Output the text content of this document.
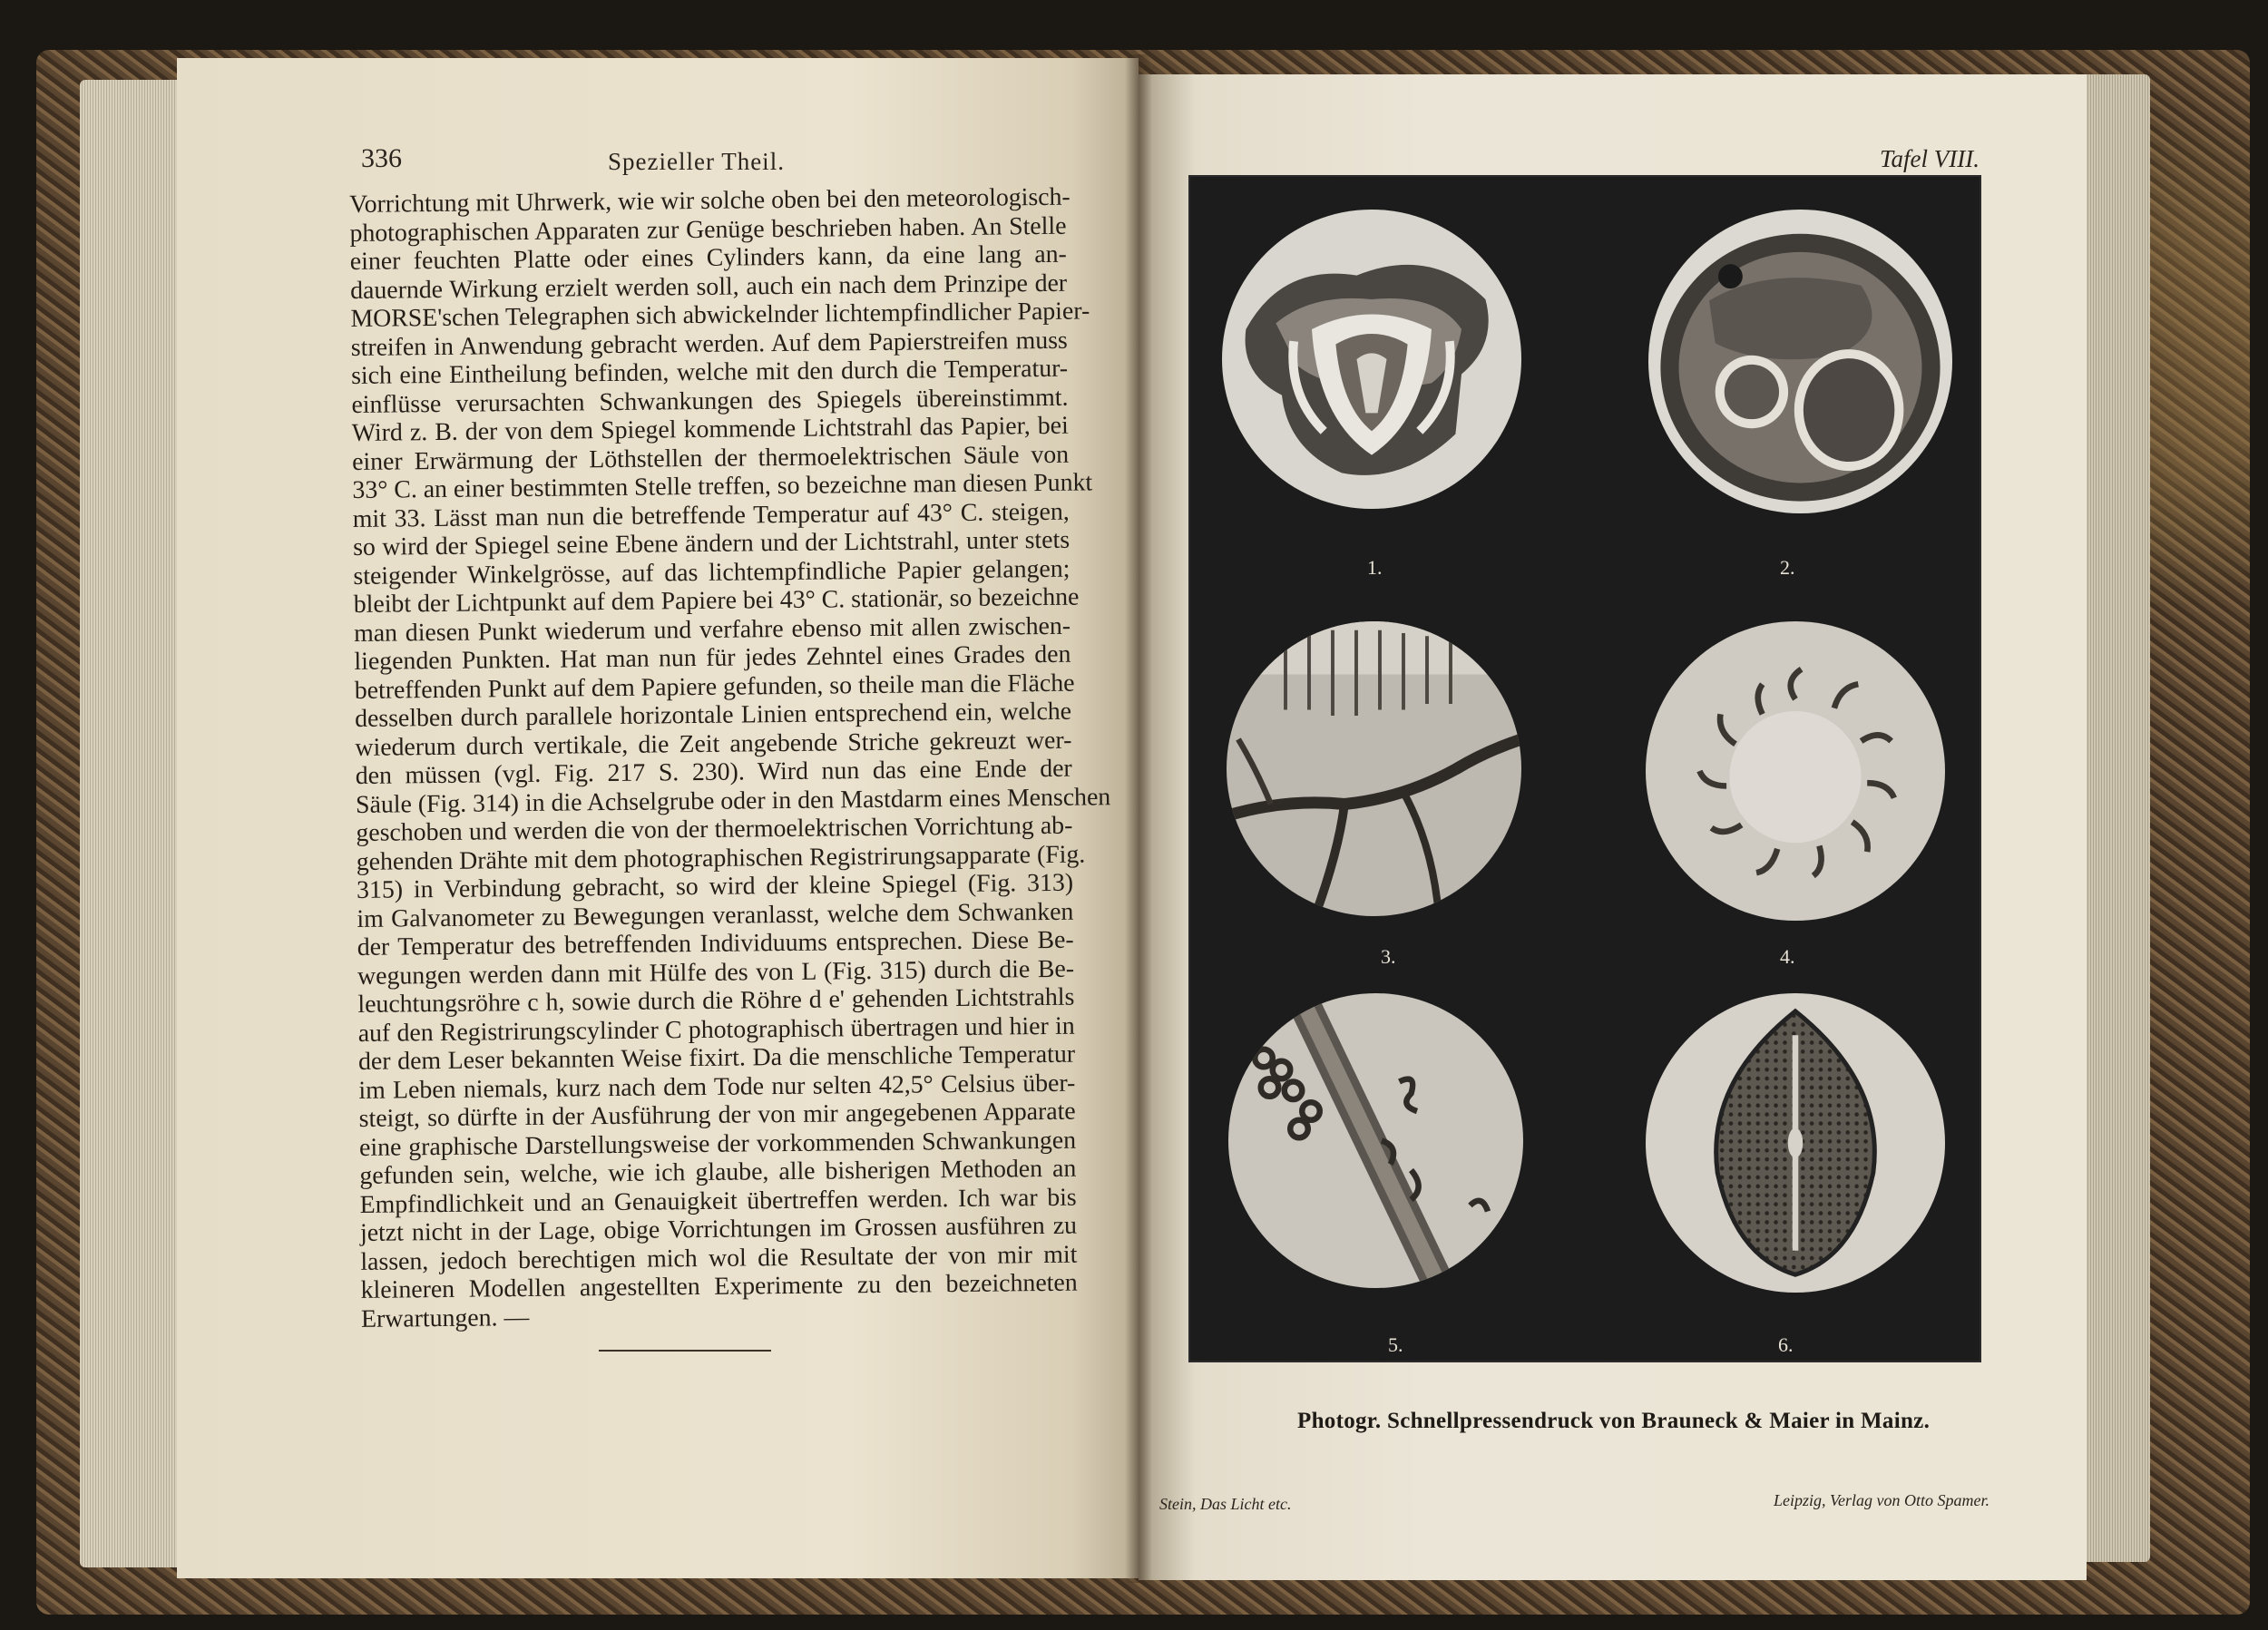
336	Spezieller Theil.
Vorrichtung mit Uhrwerk, wie wir solche oben bei den meteorologisch-
photographischen Apparaten zur Genüge beschrieben haben. An Stelle
einer feuchten Platte oder eines Cylinders kann, da eine lang an-
dauernde Wirkung erzielt werden soll, auch ein nach dem Prinzipe der
MORSE'schen Telegraphen sich abwickelnder lichtempfindlicher Papier-
streifen in Anwendung gebracht werden. Auf dem Papierstreifen muss
sich eine Eintheilung befinden, welche mit den durch die Temperatur-
einflüsse verursachten Schwankungen des Spiegels übereinstimmt.
Wird z. B. der von dem Spiegel kommende Lichtstrahl das Papier, bei
einer Erwärmung der Löthstellen der thermoelektrischen Säule von
33° C. an einer bestimmten Stelle treffen, so bezeichne man diesen Punkt
mit 33. Lässt man nun die betreffende Temperatur auf 43° C. steigen,
so wird der Spiegel seine Ebene ändern und der Lichtstrahl, unter stets
steigender Winkelgrösse, auf das lichtempfindliche Papier gelangen;
bleibt der Lichtpunkt auf dem Papiere bei 43° C. stationär, so bezeichne
man diesen Punkt wiederum und verfahre ebenso mit allen zwischen-
liegenden Punkten. Hat man nun für jedes Zehntel eines Grades den
betreffenden Punkt auf dem Papiere gefunden, so theile man die Fläche
desselben durch parallele horizontale Linien entsprechend ein, welche
wiederum durch vertikale, die Zeit angebende Striche gekreuzt wer-
den müssen (vgl. Fig. 217 S. 230). Wird nun das eine Ende der
Säule (Fig. 314) in die Achselgrube oder in den Mastdarm eines Menschen
geschoben und werden die von der thermoelektrischen Vorrichtung ab-
gehenden Drähte mit dem photographischen Registrirungsapparate (Fig.
315) in Verbindung gebracht, so wird der kleine Spiegel (Fig. 313)
im Galvanometer zu Bewegungen veranlasst, welche dem Schwanken
der Temperatur des betreffenden Individuums entsprechen. Diese Be-
wegungen werden dann mit Hülfe des von L (Fig. 315) durch die Be-
leuchtungsröhre c h, sowie durch die Röhre d e' gehenden Lichtstrahls
auf den Registrirungscylinder C photographisch übertragen und hier in
der dem Leser bekannten Weise fixirt. Da die menschliche Temperatur
im Leben niemals, kurz nach dem Tode nur selten 42,5° Celsius über-
steigt, so dürfte in der Ausführung der von mir angegebenen Apparate
eine graphische Darstellungsweise der vorkommenden Schwankungen
gefunden sein, welche, wie ich glaube, alle bisherigen Methoden an
Empfindlichkeit und an Genauigkeit übertreffen werden. Ich war bis
jetzt nicht in der Lage, obige Vorrichtungen im Grossen ausführen zu
lassen, jedoch berechtigen mich wol die Resultate der von mir mit
kleineren Modellen angestellten Experimente zu den bezeichneten
Erwartungen. —
Tafel VIII.
1.	2.
3.	4.
5.	6.
Photogr. Schnellpressendruck von Brauneck & Maier in Mainz.
Stein, Das Licht etc.	Leipzig, Verlag von Otto Spamer.
